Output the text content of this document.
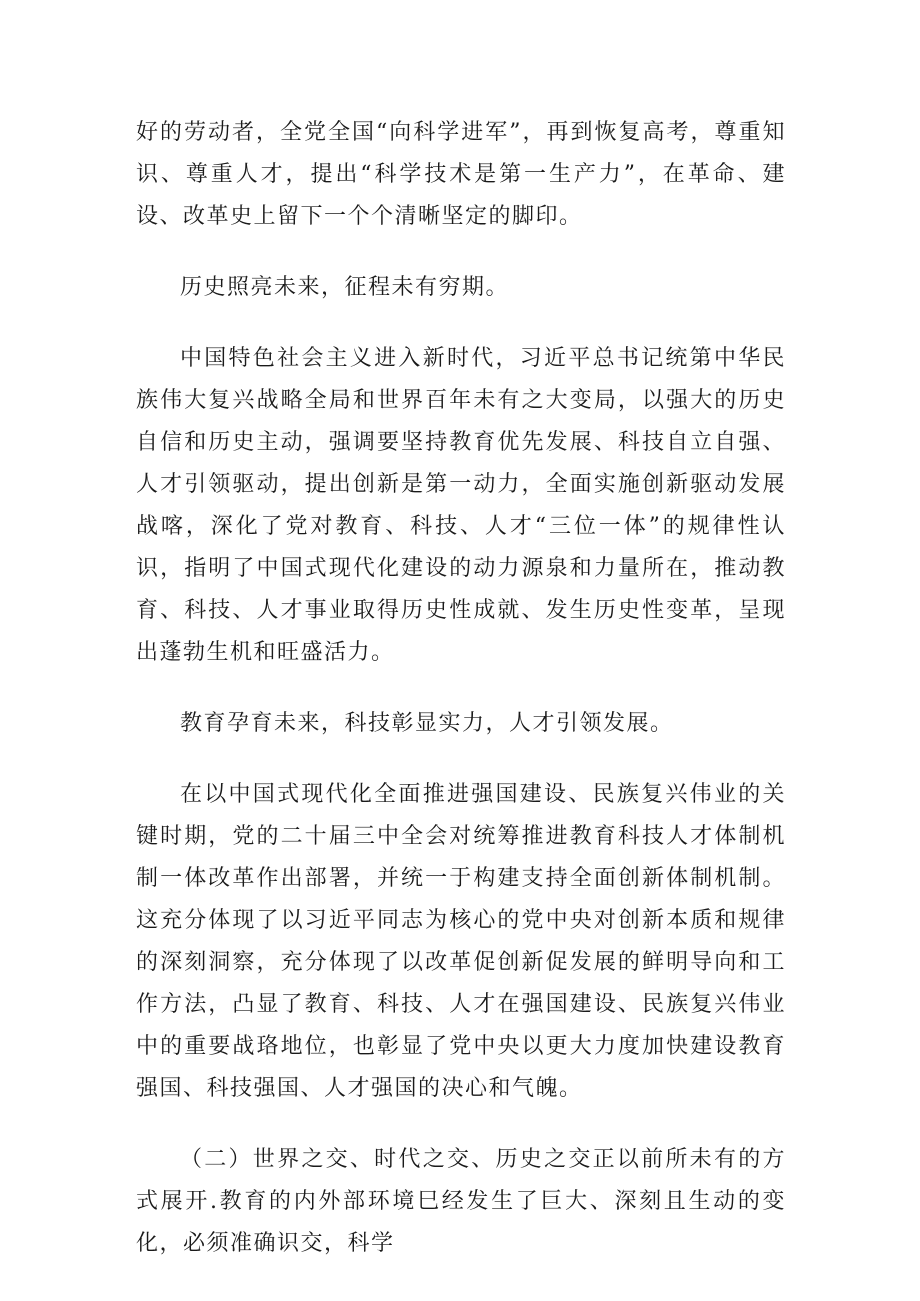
好的劳动者，全党全国“向科学进军”，再到恢复高考，尊重知识、尊重人才，提出“科学技术是第一生产力”，在革命、建设、改革史上留下一个个清晰坚定的脚印。

历史照亮未来，征程未有穷期。

中国特色社会主义进入新时代，习近平总书记统第中华民族伟大复兴战略全局和世界百年未有之大变局，以强大的历史自信和历史主动，强调要坚持教育优先发展、科技自立自强、人才引领驱动，提出创新是第一动力，全面实施创新驱动发展战喀，深化了党对教育、科技、人才“三位一体”的规律性认识，指明了中国式现代化建设的动力源泉和力量所在，推动教育、科技、人才事业取得历史性成就、发生历史性变革，呈现出蓬勃生机和旺盛活力。

教育孕育未来，科技彰显实力，人才引领发展。

在以中国式现代化全面推进强国建设、民族复兴伟业的关键时期，党的二十届三中全会对统筹推进教育科技人才体制机制一体改革作出部署，并统一于构建支持全面创新体制机制。这充分体现了以习近平同志为核心的党中央对创新本质和规律的深刻洞察，充分体现了以改革促创新促发展的鲜明导向和工作方法，凸显了教育、科技、人才在强国建设、民族复兴伟业中的重要战珞地位，也彰显了党中央以更大力度加快建设教育强国、科技强国、人才强国的决心和气魄。

（二）世界之交、时代之交、历史之交正以前所未有的方式展开.教育的内外部环境巳经发生了巨大、深刻且生动的变化，必须准确识交，科学
